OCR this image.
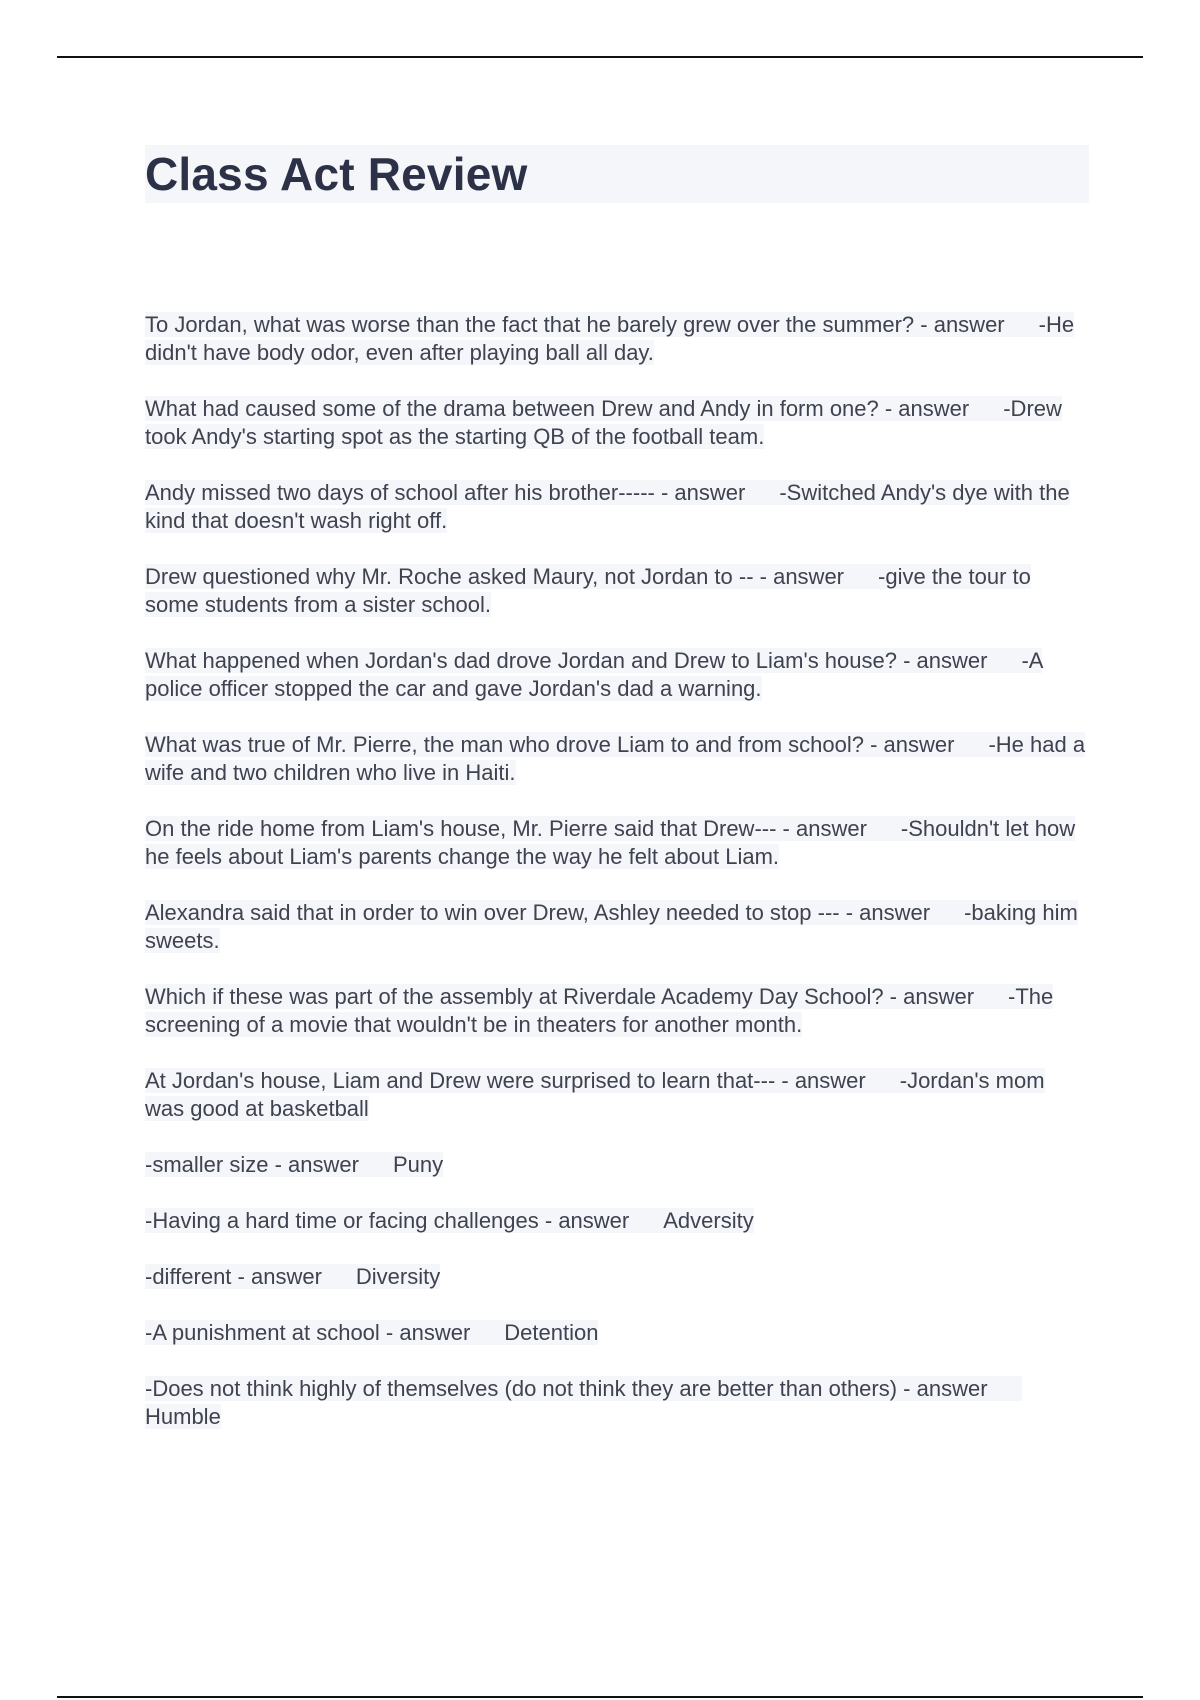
Class Act Review
To Jordan, what was worse than the fact that he barely grew over the summer? - answer -He didn't have body odor, even after playing ball all day.
What had caused some of the drama between Drew and Andy in form one? - answer -Drew took Andy's starting spot as the starting QB of the football team.
Andy missed two days of school after his brother----- - answer -Switched Andy's dye with the kind that doesn't wash right off.
Drew questioned why Mr. Roche asked Maury, not Jordan to -- - answer -give the tour to some students from a sister school.
What happened when Jordan's dad drove Jordan and Drew to Liam's house? - answer -A police officer stopped the car and gave Jordan's dad a warning.
What was true of Mr. Pierre, the man who drove Liam to and from school? - answer -He had a wife and two children who live in Haiti.
On the ride home from Liam's house, Mr. Pierre said that Drew--- - answer -Shouldn't let how he feels about Liam's parents change the way he felt about Liam.
Alexandra said that in order to win over Drew, Ashley needed to stop --- - answer -baking him sweets.
Which if these was part of the assembly at Riverdale Academy Day School? - answer -The screening of a movie that wouldn't be in theaters for another month.
At Jordan's house, Liam and Drew were surprised to learn that--- - answer -Jordan's mom was good at basketball
-smaller size - answer Puny
-Having a hard time or facing challenges - answer Adversity
-different - answer Diversity
-A punishment at school - answer Detention
-Does not think highly of themselves (do not think they are better than others) - answerHumble
